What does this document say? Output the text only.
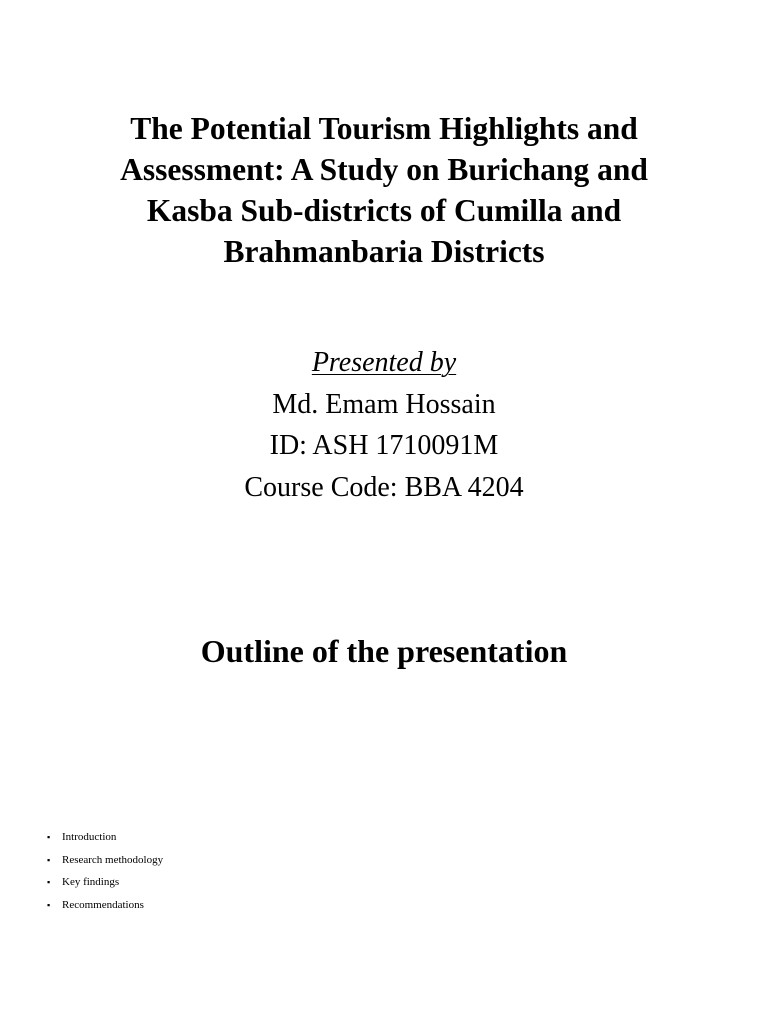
The Potential Tourism Highlights and
Assessment: A Study on Burichang and
Kasba Sub-districts of Cumilla and
Brahmanbaria Districts
Presented by
Md. Emam Hossain
ID: ASH 1710091M
Course Code: BBA 4204
Outline of the presentation
▪ Introduction
▪ Research methodology
▪ Key findings
▪ Recommendations
